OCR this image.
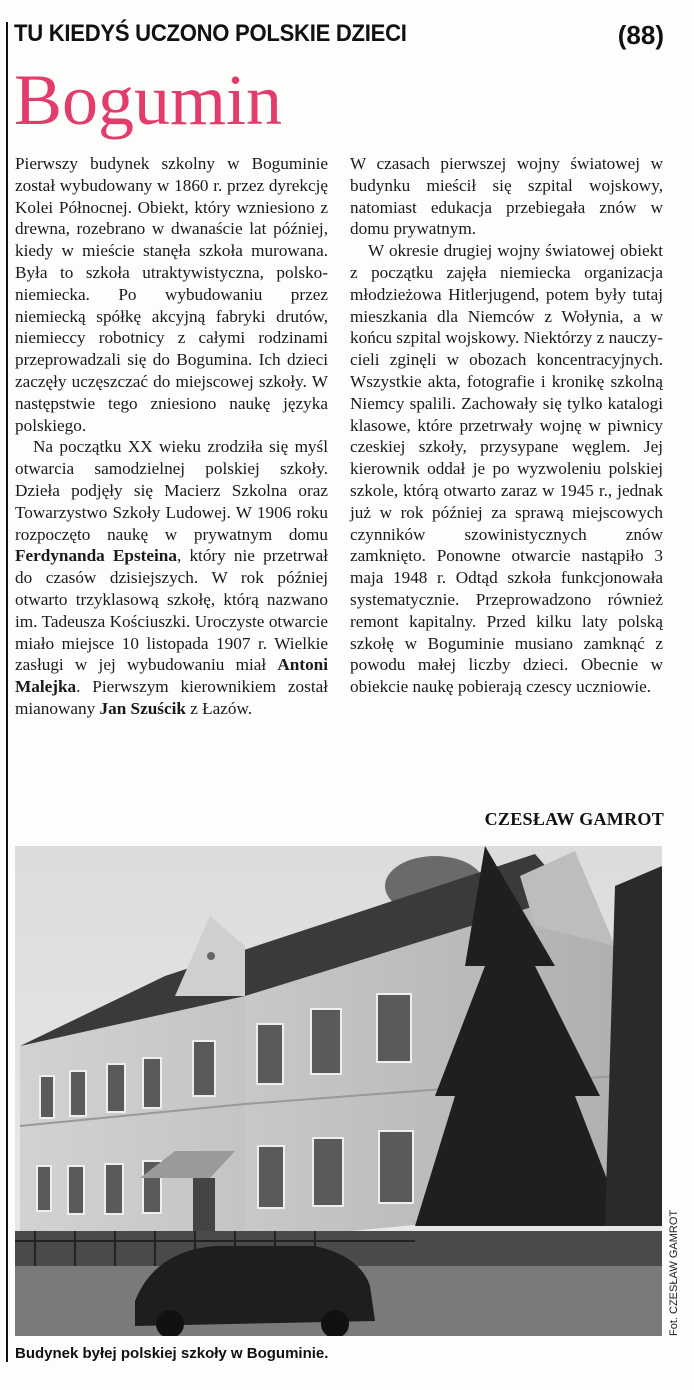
TU KIEDYŚ UCZONO POLSKIE DZIECI	(88)
Bogumin

Pierwszy budynek szkolny w Boguminie został wybudowany w 1860 r. przez dyrekcję Kolei Północnej. Obiekt, który wzniesiono z drewna, rozebrano w dwanaście lat później, kiedy w mieście stanęła szkoła murowana. Była to szkoła utraktywistyczna, polsko-niemiecka. Po wybudowaniu przez niemiecką spółkę akcyjną fabryki drutów, niemieccy robotnicy z całymi rodzinami przeprowadzali się do Bogumina. Ich dzieci zaczęły uczęszczać do miejscowej szkoły. W następstwie tego zniesiono naukę języka polskiego.

Na początku XX wieku zrodziła się myśl otwarcia samodzielnej polskiej szkoły. Dzieła podjęły się Macierz Szkolna oraz Towarzystwo Szkoły Ludowej. W 1906 roku rozpoczęto naukę w prywatnym domu Ferdynanda Epsteina, który nie przetrwał do czasów dzisiejszych. W rok później otwarto trzyklasową szkołę, którą nazwano im. Tadeusza Kościuszki. Uroczyste otwarcie miało miejsce 10 listopada 1907 r. Wielkie zasługi w jej wybudowaniu miał Antoni Malejka. Pierwszym kierownikiem został mianowany Jan Szuścik z Łazów.

W czasach pierwszej wojny światowej w budynku mieścił się szpital wojskowy, natomiast edukacja przebiegała znów w domu prywatnym.

W okresie drugiej wojny światowej obiekt z początku zajęła niemiecka organizacja młodzieżowa Hitlerjugend, potem były tutaj mieszkania dla Niemców z Wołynia, a w końcu szpital wojskowy. Niektórzy z nauczycieli zginęli w obozach koncentracyjnych. Wszystkie akta, fotografie i kronikę szkolną Niemcy spalili. Zachowały się tylko katalogi klasowe, które przetrwały wojnę w piwnicy czeskiej szkoły, przysypane węglem. Jej kierownik oddał je po wyzwoleniu polskiej szkole, którą otwarto zaraz w 1945 r., jednak już w rok później za sprawą miejscowych czynników szowinistycznych znów zamknięto. Ponowne otwarcie nastąpiło 3 maja 1948 r. Odtąd szkoła funkcjonowała systematycznie. Przeprowadzono również remont kapitalny. Przed kilku laty polską szkołę w Boguminie musiano zamknąć z powodu małej liczby dzieci. Obecnie w obiekcie naukę pobierają czescy uczniowie.

CZESŁAW GAMROT
Fot. CZESŁAW GAMROT
Budynek byłej polskiej szkoły w Boguminie.
